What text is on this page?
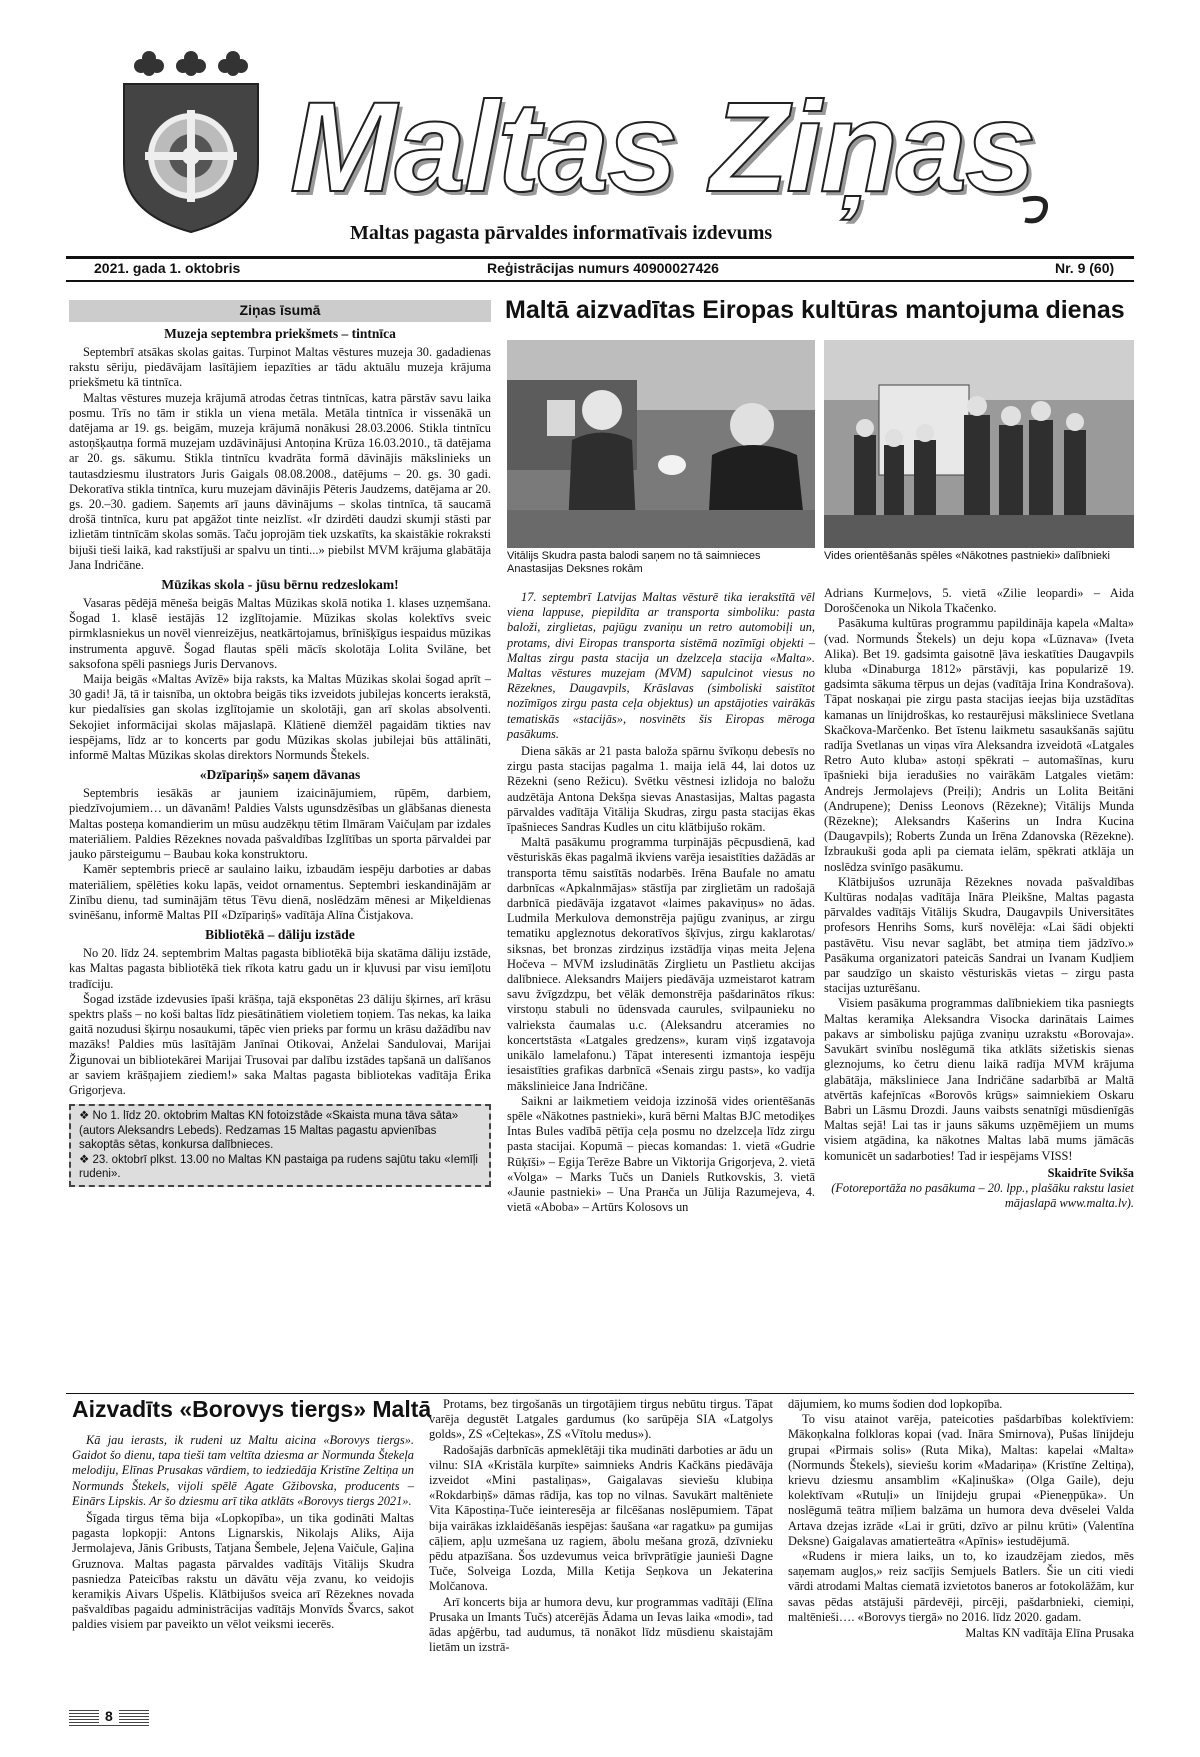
Maltas Ziņas
Maltas pagasta pārvaldes informatīvais izdevums
2021. gada 1. oktobris	Reģistrācijas numurs 40900027426	Nr. 9 (60)
Ziņas īsumā
Muzeja septembra priekšmets – tintnīca

Septembrī atsākas skolas gaitas. Turpinot Maltas vēstures muzeja 30. gadadienas rakstu sēriju, piedāvājam lasītājiem iepazīties ar tādu aktuālu muzeja krājuma priekšmetu kā tintnīca.

Maltas vēstures muzeja krājumā atrodas četras tintnīcas, katra pārstāv savu laika posmu. Trīs no tām ir stikla un viena metāla. Metāla tintnīca ir vissenākā un datējama ar 19. gs. beigām, muzeja krājumā nonākusi 28.03.2006. Stikla tintnīcu astoņšķautņa formā muzejam uzdāvinājusi Antoņina Krūza 16.03.2010., tā datējama ar 20. gs. sākumu. Stikla tintnīcu kvadrāta formā dāvinājis mākslinieks un tautasdziesmu ilustrators Juris Gaigals 08.08.2008., datējums – 20. gs. 30 gadi. Dekoratīva stikla tintnīca, kuru muzejam dāvinājis Pēteris Jaudzems, datējama ar 20. gs. 20.–30. gadiem. Saņemts arī jauns dāvinājums – skolas tintnīca, tā saucamā drošā tintnīca, kuru pat apgāžot tinte neizlīst. «Ir dzirdēti daudzi skumji stāsti par izlietām tintnīcām skolas somās. Taču joprojām tiek uzskatīts, ka skaistākie rokraksti bijuši tieši laikā, kad rakstījuši ar spalvu un tinti...» piebilst MVM krājuma glabātāja Jana Indričāne.

Mūzikas skola - jūsu bērnu redzeslokam!

Vasaras pēdējā mēneša beigās Maltas Mūzikas skolā notika 1. klases uzņemšana. Šogad 1. klasē iestājās 12 izglītojamie. Mūzikas skolas kolektīvs sveic pirmklasniekus un novēl vienreizējus, neatkārtojamus, brīnišķīgus iespaidus mūzikas instrumenta apguvē. Šogad flautas spēli mācīs skolotāja Lolita Svilāne, bet saksofona spēli pasniegs Juris Dervanovs.

Maija beigās «Maltas Avīzē» bija raksts, ka Maltas Mūzikas skolai šogad aprīt – 30 gadi! Jā, tā ir taisnība, un oktobra beigās tiks izveidots jubilejas koncerts ierakstā, kur piedalīsies gan skolas izglītojamie un skolotāji, gan arī skolas absolventi. Sekojiet informācijai skolas mājaslapā. Klātienē diemžēl pagaidām tikties nav iespējams, līdz ar to koncerts par godu Mūzikas skolas jubilejai būs attālināti, informē Maltas Mūzikas skolas direktors Normunds Štekels.

«Dzīpariņš» saņem dāvanas

Septembris iesākās ar jauniem izaicinājumiem, rūpēm, darbiem, piedzīvojumiem… un dāvanām! Paldies Valsts ugunsdzēsības un glābšanas dienesta Maltas posteņa komandierim un mūsu audzēkņu tētim Ilmāram Vaičuļam par izdales materiāliem. Paldies Rēzeknes novada pašvaldības Izglītības un sporta pārvaldei par jauko pārsteigumu – Baubau koka konstruktoru.

Kamēr septembris priecē ar saulaino laiku, izbaudām iespēju darboties ar dabas materiāliem, spēlēties koku lapās, veidot ornamentus. Septembri ieskandinājām ar Zinību dienu, tad suminājām tētus Tēvu dienā, noslēdzām mēnesi ar Miķeldienas svinēšanu, informē Maltas PII «Dzīpariņš» vadītāja Alīna Čistjakova.

Bibliotēkā – dāliju izstāde

No 20. līdz 24. septembrim Maltas pagasta bibliotēkā bija skatāma dāliju izstāde, kas Maltas pagasta bibliotēkā tiek rīkota katru gadu un ir kļuvusi par visu iemīļotu tradīciju.

Šogad izstāde izdevusies īpaši krāšņa, tajā eksponētas 23 dāliju šķirnes, arī krāsu spektrs plašs – no koši baltas līdz piesātinātiem violetiem toņiem. Tas nekas, ka laika gaitā nozudusi šķirņu nosaukumi, tāpēc vien prieks par formu un krāsu dažādību nav mazāks! Paldies mūs lasītājām Janīnai Otikovai, Anželai Sandulovai, Marijai Žigunovai un bibliotekārei Marijai Trusovai par dalību izstādes tapšanā un dalīšanos ar saviem krāšņajiem ziediem!» saka Maltas pagasta bibliotekas vadītāja Ērika Grigorjeva.

❖ No 1. līdz 20. oktobrim Maltas KN fotoizstāde «Skaista muna tāva sāta» (autors Aleksandrs Lebeds). Redzamas 15 Maltas pagastu apvienības sakoptās sētas, konkursa dalībnieces.
❖ 23. oktobrī plkst. 13.00 no Maltas KN pastaiga pa rudens sajūtu taku «Iemīļi rudeni».
Maltā aizvadītas Eiropas kultūras mantojuma dienas
Vitālijs Skudra pasta balodi saņem no tā saimnieces Anastasijas Deksnes rokām
Vides orientēšanās spēles «Nākotnes pastnieki» dalībnieki

17. septembrī Latvijas Maltas vēsturē tika ierakstītā vēl viena lappuse, piepildīta ar transporta simboliku: pasta baloži, zirglietas, pajūgu zvaniņu un retro automobiļi un, protams, divi Eiropas transporta sistēmā nozīmīgi objekti – Maltas zirgu pasta stacija un dzelzceļa stacija «Malta». Maltas vēstures muzejam (MVM) sapulcinot viesus no Rēzeknes, Daugavpils, Krāslavas (simboliski saistītot nozīmīgos zirgu pasta ceļa objektus) un apstājoties vairākās tematiskās «stacijās», nosvinēts šis Eiropas mēroga pasākums.

Diena sākās ar 21 pasta baloža spārnu švīkoņu debesīs no zirgu pasta stacijas pagalma 1. maija ielā 44, lai dotos uz Rēzekni (seno Režicu). Svētku vēstnesi izlidoja no baložu audzētāja Antona Dekšņa sievas Anastasijas, Maltas pagasta pārvaldes vadītāja Vitālija Skudras, zirgu pasta stacijas ēkas īpašnieces Sandras Kudles un citu klātbijušo rokām.

Maltā pasākumu programma turpinājās pēcpusdienā, kad vēsturiskās ēkas pagalmā ikviens varēja iesaistīties dažādās ar transporta tēmu saistītās nodarbēs. Irēna Baufale no amatu darbnīcas «Apkalnmājas» stāstīja par zirglietām un radošajā darbnīcā piedāvāja izgatavot «laimes pakaviņus» no ādas. Ludmila Merkulova demonstrēja pajūgu zvaniņus, ar zirgu tematiku apgleznotus dekoratīvos šķīvjus, zirgu kaklarotas/ siksnas, bet bronzas zirdziņus izstādīja viņas meita Jeļena Hočeva – MVM izsludinātās Zirglietu un Pastlietu akcijas dalībniece. Aleksandrs Maijers piedāvāja uzmeistarot katram savu žvīgzdzpu, bet vēlāk demonstrēja pašdarinātos rīkus: virstoņu stabuli no ūdensvada caurules, svilpaunieku no valriekstа čaumalas u.c. (Aleksandru atceramies no koncertstāsta «Latgales gredzens», kuram viņš izgatavoja unikālo lamelafonu.) Tāpat interesenti izmantoja iespēju iesaistīties grafikas darbnīcā «Senais zirgu pasts», ko vadīja mākslinieice Jana Indričāne.

Saikni ar laikmetiem veidoja izzinošā vides orientēšanās spēle «Nākotnes pastnieki», kurā bērni Maltas BJC metodiķes Intas Bules vadībā pētīja ceļa posmu no dzelzceļa līdz zirgu pasta stacijai. Kopumā – piecas komandas: 1. vietā «Gudrie Rūķīši» – Egija Terēze Babre un Viktorija Grigorjeva, 2. vietā «Volga» – Marks Tučs un Daniels Rutkovskis, 3. vietā «Jaunie pastnieki» – Una Prанča un Jūlija Razumejeva, 4. vietā «Aboba» – Artūrs Kolosovs un

Adrians Kurmeļovs, 5. vietā «Zilie leopardi» – Aida Doroščenoka un Nikola Tkačenko.

Pasākuma kultūras programmu papildināja kapela «Malta» (vad. Normunds Štekels) un deju kopa «Lūznava» (Iveta Alika). Bet 19. gadsimta gaisotnē ļāva ieskatīties Daugavpils kluba «Dinaburga 1812» pārstāvji, kas popularizē 19. gadsimta sākuma tērpus un dejas (vadītāja Irina Kondrašova). Tāpat noskaņai pie zirgu pasta stacijas ieejas bija uzstādītas kamanas un līnijdroškas, ko restaurējusi māksliniece Svetlana Skačkova-Marčenko. Bet īstenu laikmetu sasaukšanās sajūtu radīja Svetlanas un viņas vīra Aleksandra izveidotā «Latgales Retro Auto kluba» astoņi spēkrati – automašīnas, kuru īpašnieki bija ieradušies no vairākām Latgales vietām: Andrejs Jermolajevs (Preiļi); Andris un Lolita Beitāni (Andrupene); Deniss Leonovs (Rēzekne); Vitālijs Munda (Rēzekne); Aleksandrs Kašerins un Indra Kucina (Daugavpils); Roberts Zunda un Irēna Zdanovska (Rēzekne). Izbraukuši goda apli pa ciemata ielām, spēkrati atklāja un noslēdza svinīgo pasākumu.

Klātbijušos uzrunāja Rēzeknes novada pašvaldības Kultūras nodaļas vadītāja Ināra Pleikšne, Maltas pagasta pārvaldes vadītājs Vitālijs Skudra, Daugavpils Universitātes profesors Henrihs Soms, kurš novēlēja: «Lai šādi objekti pastāvētu. Visu nevar saglābt, bet atmiņa tiem jādzīvo.» Pasākuma organizatori pateicās Sandrai un Ivanam Kudļiem par saudzīgo un skaisto vēsturiskās vietas – zirgu pasta stacijas uzturēšanu.

Visiem pasākuma programmas dalībniekiem tika pasniegts Maltas keramiķa Aleksandra Visocka darinātais Laimes pakavs ar simbolisku pajūga zvaniņu uzrakstu «Borovaja». Savukārt svinību noslēgumā tika atklāts sižetiskis sienas gleznojums, ko četru dienu laikā radīja MVM krājuma glabātāja, māksliniece Jana Indričāne sadarbībā ar Maltā atvērtās kafejnīcas «Borovōs krūgs» saimniekiem Oskaru Babri un Lāsmu Drozdi. Jauns vaibsts senatnīgi mūsdienīgās Maltas sejā! Lai tas ir jauns sākums uzņēmējiem un mums visiem atgādina, ka nākotnes Maltas labā mums jāmācās komunicēt un sadarboties! Tad ir iespējams VISS!

Skaidrīte Svikša
(Fotoreportāža no pasākuma – 20. lpp., plašāku rakstu lasiet mājaslapā www.malta.lv).
Aizvadīts «Borovys tiergs» Maltā

Kā jau ierasts, ik rudeni uz Maltu aicina «Borovys tiergs». Gaidot šo dienu, tapa tieši tam veltīta dziesma ar Normunda Štekeļa melodiju, Elīnas Prusakas vārdiem, to iedziedāja Kristīne Zeltiņa un Normunds Štekels, vijoli spēlē Agate Gžibovska, producents – Einārs Lipskis. Ar šo dziesmu arī tika atklāts «Borovys tiergs 2021».

Šīgada tirgus tēma bija «Lopkopība», un tika godināti Maltas pagasta lopkopji: Antons Lignarskis, Nikolajs Aliks, Aija Jermolajeva, Jānis Gribusts, Tatjana Šembele, Jeļena Vaičule, Gaļina Gruznova. Maltas pagasta pārvaldes vadītājs Vitālijs Skudra pasniedza Pateicības rakstu un dāvātu vēja zvanu, ko veidojis keramiķis Aivars Ušpelis. Klātbijušos sveica arī Rēzeknes novada pašvaldības pagaidu administrācijas vadītājs Monvīds Švarcs, sakot paldies visiem par paveikto un vēlot veiksmi iecerēs.

Protams, bez tirgošanās un tirgotājiem tirgus nebūtu tirgus. Tāpat varēja degustēt Latgales gardumus (ko sarūpēja SIA «Latgolys golds», ZS «Ceļtekas», ZS «Vītolu medus»).

Radošajās darbnīcās apmeklētāji tika mudināti darboties ar ādu un vilnu: SIA «Kristāla kurpīte» saimnieks Andris Kačkāns piedāvāja izveidot «Mini pastaliņas», Gaigalavas sieviešu klubiņa «Rokdarbiņš» dāmas rādīja, kas top no vilnas. Savukārt maltēniete Vita Kāpostiņa-Tuče ieinteresēja ar filcēšanas noslēpumiem. Tāpat bija vairākas izklaidēšanās iespējas: šaušana «ar ragatku» pa gumijas cāļiem, apļu uzmešana uz ragiem, ābolu mešana grozā, dzīvnieku pēdu atpazīšana. Šos uzdevumus veica brīvprātīgie jaunieši Dagne Tuče, Solveiga Lozda, Milla Ketija Seņkova un Jekaterina Molčanova.

Arī koncerts bija ar humora devu, kur programmas vadītāji (Elīna Prusaka un Imants Tučs) atcerējās Ādama un Ievas laika «modi», tad ādas apģērbu, tad audumus, tā nonākot līdz mūsdienu skaistajām lietām un izstrā-

dājumiem, ko mums šodien dod lopkopība.

To visu atainot varēja, pateicoties pašdarbības kolektīviem: Mākoņkalna folkloras kopai (vad. Ināra Smirnova), Pušas līnijdeju grupai «Pirmais solis» (Ruta Mika), Maltas: kapelai «Malta» (Normunds Štekels), sieviešu korim «Madariņa» (Kristīne Zeltiņa), krievu dziesmu ansamblim «Kaļinuška» (Olga Gaile), deju kolektīvam «Rutuļi» un līnijdeju grupai «Pieneņpūka». Un noslēgumā teātra mīļiem balzāma un humora deva dvēselei Valda Artava dzejas izrāde «Lai ir grūti, dzīvo ar pilnu krūti» (Valentīna Deksne) Gaigalavas amatierteātra «Apīnis» iestudējumā.

«Rudens ir miera laiks, un to, ko izaudzējam ziedos, mēs saņemam augļos,» reiz sacījis Semjuels Batlers. Šie un citi viedi vārdi atrodami Maltas ciematā izvietotos baneros ar fotokolāžām, kur savas pēdas atstājuši pārdevēji, pircēji, pašdarbnieki, ciemiņi, maltēnieši…. «Borovys tiergā» no 2016. līdz 2020. gadam.

Maltas KN vadītāja Elīna Prusaka
8
